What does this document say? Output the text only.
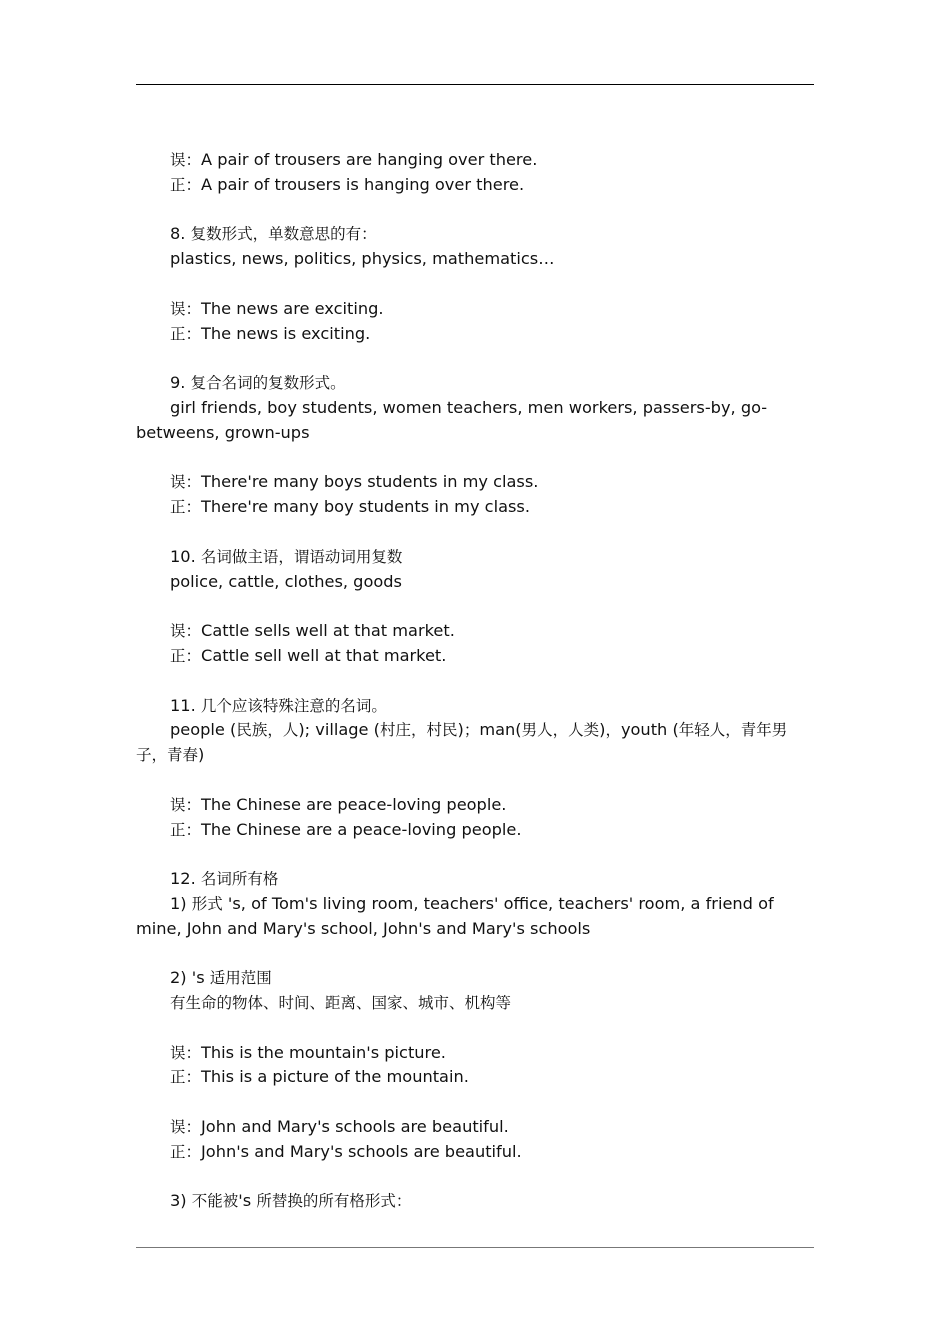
误：A pair of trousers are hanging over there.

正：A pair of trousers is hanging over there.

8. 复数形式，单数意思的有：

plastics, news, politics, physics, mathematics…

误：The news are exciting.

正：The news is exciting.

9. 复合名词的复数形式。

girl friends, boy students, women teachers, men workers, passers-by, go-betweens, grown-ups

误：There're many boys students in my class.

正：There're many boy students in my class.

10. 名词做主语，谓语动词用复数

police, cattle, clothes, goods

误：Cattle sells well at that market.

正：Cattle sell well at that market.

11. 几个应该特殊注意的名词。

people (民族，人); village (村庄，村民)；man(男人，人类)，youth (年轻人，青年男子，青春)

误：The Chinese are peace-loving people.

正：The Chinese are a peace-loving people.

12. 名词所有格

1) 形式 's, of Tom's living room, teachers' office, teachers' room, a friend of mine, John and Mary's school, John's and Mary's schools

2) 's 适用范围

有生命的物体、时间、距离、国家、城市、机构等

误：This is the mountain's picture.

正：This is a picture of the mountain.

误：John and Mary's schools are beautiful.

正：John's and Mary's schools are beautiful.

3) 不能被's 所替换的所有格形式：
